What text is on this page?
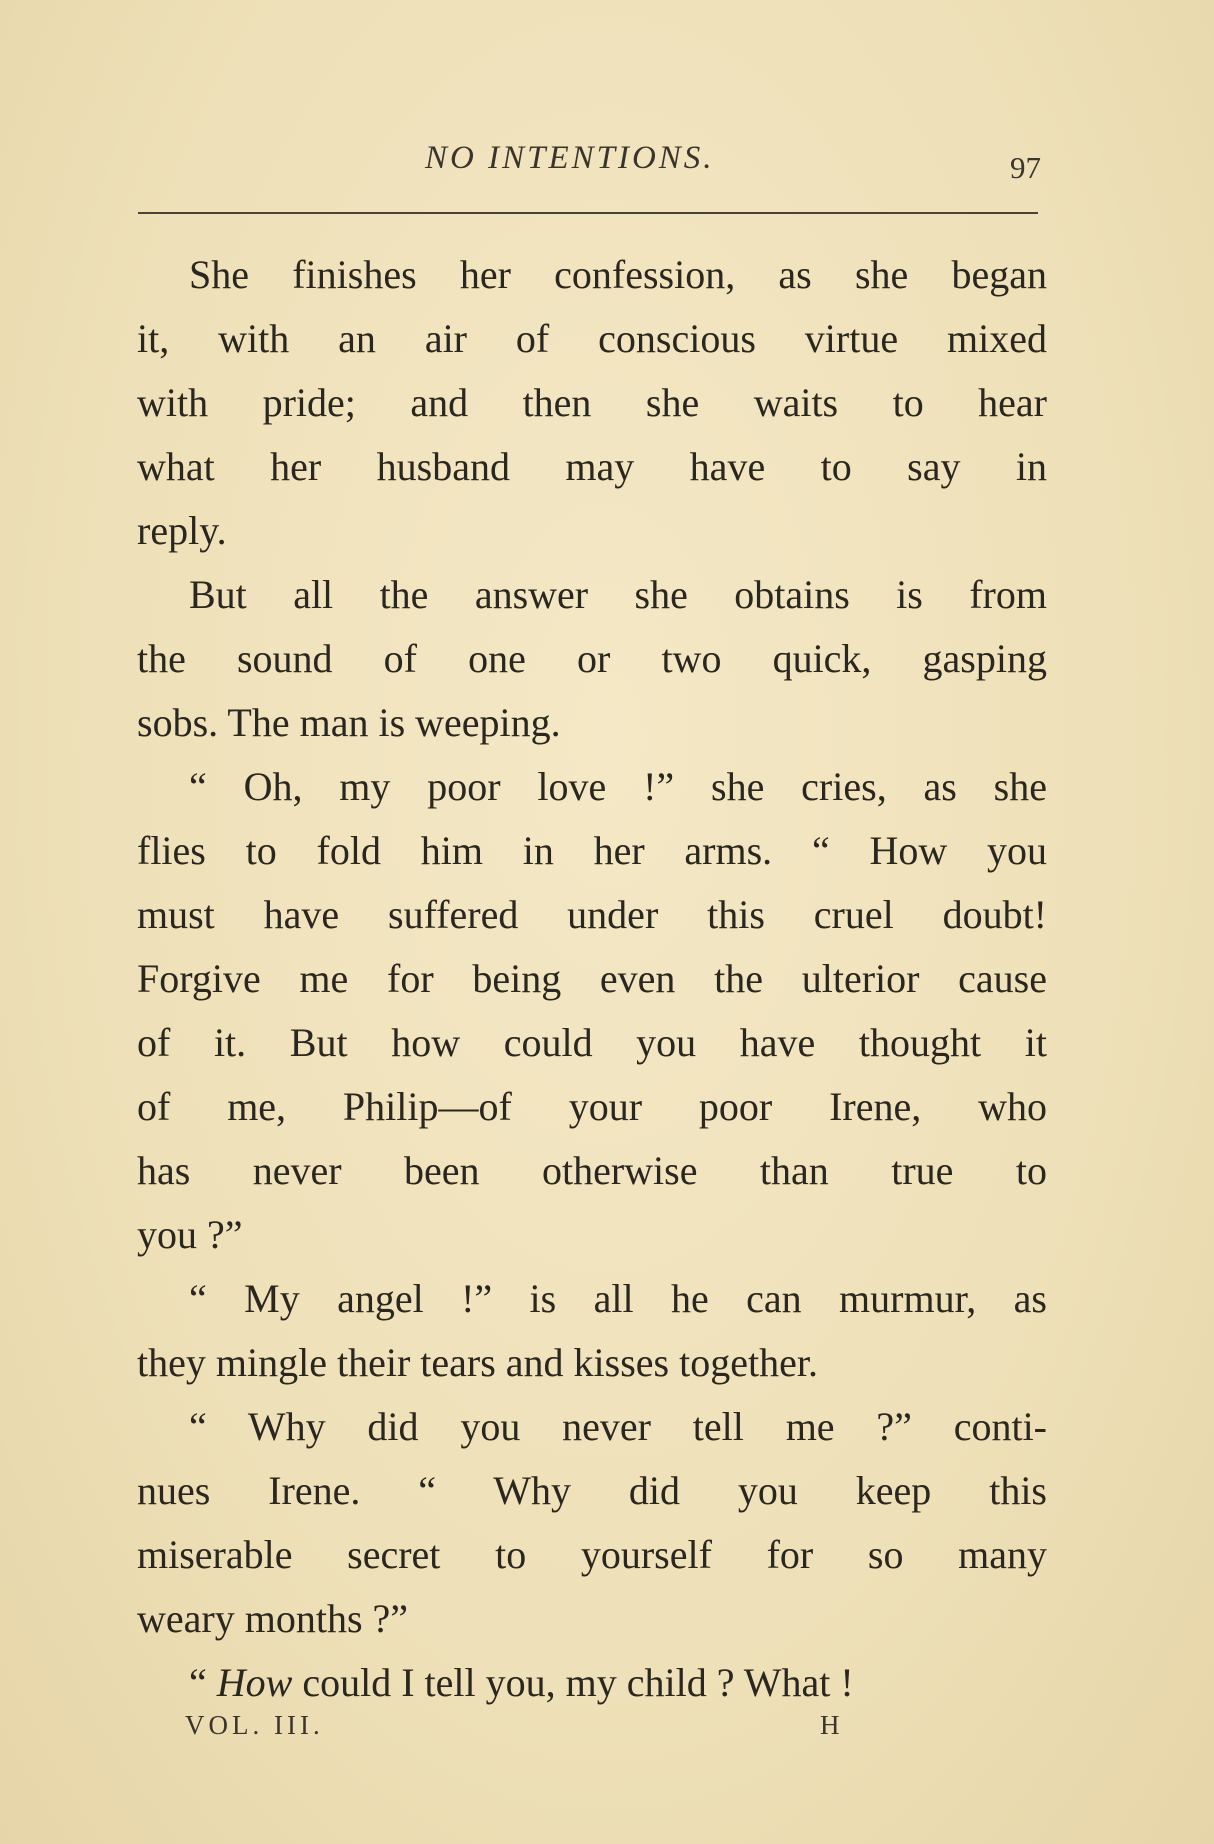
NO INTENTIONS.	97
She finishes her confession, as she began
it, with an air of conscious virtue mixed
with pride; and then she waits to hear
what her husband may have to say in
reply.
But all the answer she obtains is from
the sound of one or two quick, gasping
sobs. The man is weeping.
“ Oh, my poor love !” she cries, as she
flies to fold him in her arms. “ How you
must have suffered under this cruel doubt!
Forgive me for being even the ulterior cause
of it. But how could you have thought it
of me, Philip—of your poor Irene, who
has never been otherwise than true to
you ?”
“ My angel !” is all he can murmur, as
they mingle their tears and kisses together.
“ Why did you never tell me ?” conti-
nues Irene. “ Why did you keep this
miserable secret to yourself for so many
weary months ?”
“ How could I tell you, my child ? What !
VOL. III.	H
